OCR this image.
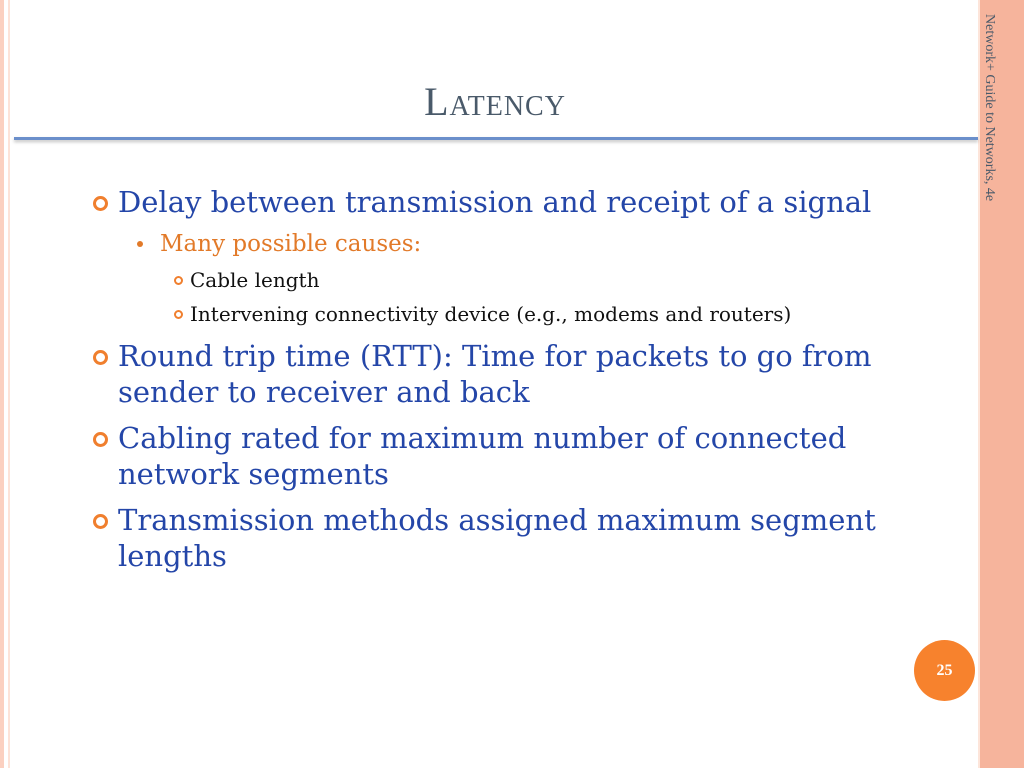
Network+ Guide to Networks, 4e
Latency
Delay between transmission and receipt of a signal
Many possible causes:
Cable length
Intervening connectivity device (e.g., modems and routers)
Round trip time (RTT): Time for packets to go from sender to receiver and back
Cabling rated for maximum number of connected network segments
Transmission methods assigned maximum segment lengths
25
